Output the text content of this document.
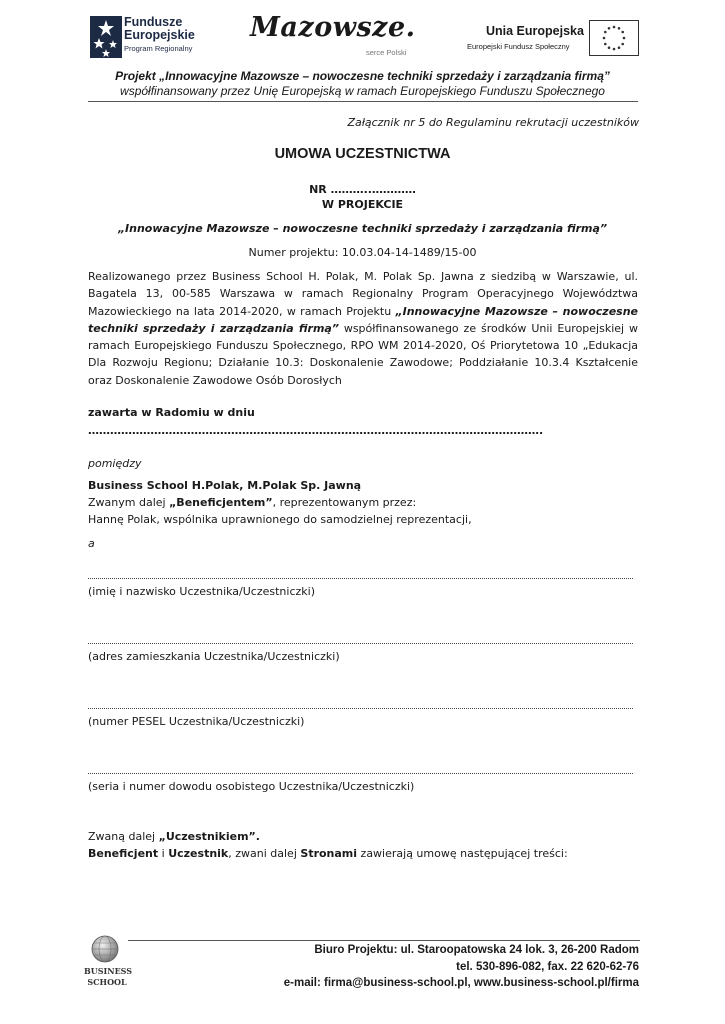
Fundusze
Europejskie
Program Regionalny
Mazowsze.
serce Polski
Unia Europejska
Europejski Fundusz Społeczny
Projekt „Innowacyjne Mazowsze – nowoczesne techniki sprzedaży i zarządzania firmą”
współfinansowany przez Unię Europejską w ramach Europejskiego Funduszu Społecznego
Załącznik nr 5 do Regulaminu rekrutacji uczestników
UMOWA UCZESTNICTWA
NR ………..…………
W PROJEKCIE
„Innowacyjne Mazowsze – nowoczesne techniki sprzedaży i zarządzania firmą”
Numer projektu: 10.03.04-14-1489/15-00
Realizowanego przez Business School H. Polak, M. Polak Sp. Jawna z siedzibą w Warszawie, ul. Bagatela 13, 00-585 Warszawa w ramach Regionalny Program Operacyjnego Województwa Mazowieckiego na lata 2014-2020, w ramach Projektu „Innowacyjne Mazowsze – nowoczesne techniki sprzedaży i zarządzania firmą” współfinansowanego ze środków Unii Europejskiej w ramach Europejskiego Funduszu Społecznego, RPO WM 2014-2020, Oś Priorytetowa 10 „Edukacja Dla Rozwoju Regionu; Działanie 10.3: Doskonalenie Zawodowe; Poddziałanie 10.3.4 Kształcenie oraz Doskonalenie Zawodowe Osób Dorosłych
zawarta w Radomiu w dniu
…………………………………………………………………………………………………………….
pomiędzy
Business School H.Polak, M.Polak Sp. Jawną
Zwanym dalej „Beneficjentem”, reprezentowanym przez:
Hannę Polak, wspólnika uprawnionego do samodzielnej reprezentacji,
a
(imię i nazwisko Uczestnika/Uczestniczki)
(adres zamieszkania Uczestnika/Uczestniczki)
(numer PESEL Uczestnika/Uczestniczki)
(seria i numer dowodu osobistego Uczestnika/Uczestniczki)
Zwaną dalej „Uczestnikiem”.
Beneficjent i Uczestnik, zwani dalej Stronami zawierają umowę następującej treści:
BUSINESS
SCHOOL
Biuro Projektu: ul. Staroopatowska 24 lok. 3, 26-200 Radom
tel. 530-896-082, fax. 22 620-62-76
e-mail: firma@business-school.pl, www.business-school.pl/firma
